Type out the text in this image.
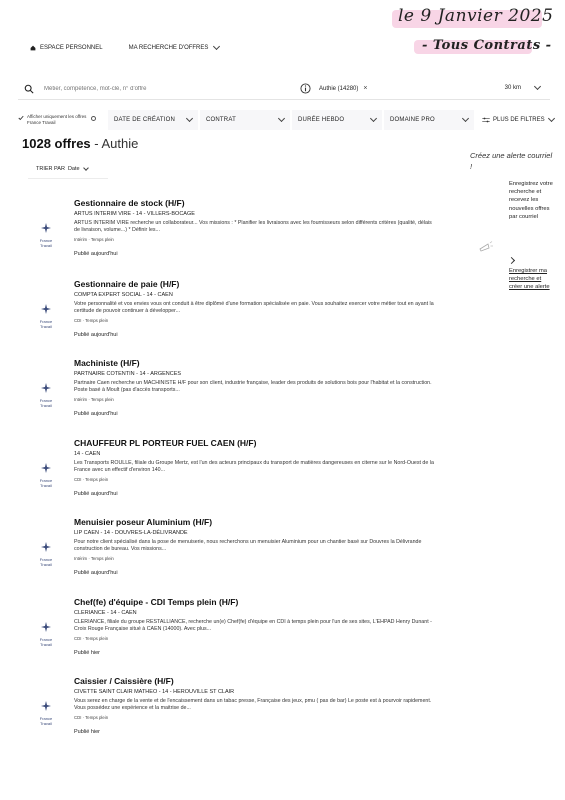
le 9 Janvier 2025
- Tous Contrats -
ESPACE PERSONNEL	MA RECHERCHE D'OFFRES
Métier, compétence, mot-clé, n° d'offre
Authie (14280) ×	30 km
Afficher uniquement les offres France Travail	DATE DE CRÉATION	CONTRAT	DURÉE HEBDO	DOMAINE PRO	PLUS DE FILTRES
1028 offres - Authie
TRIER PAR Date
France Travail
Gestionnaire de stock (H/F)
ARTUS INTERIM VIRE - 14 - VILLERS-BOCAGE
ARTUS INTERIM VIRE recherche un collaborateur... Vos missions : * Planifier les livraisons avec les fournisseurs selon différents critères (qualité, délais de livraison, volume...) * Définir les...
Intérim · Temps plein
Publié aujourd'hui
France Travail
Gestionnaire de paie (H/F)
COMPTA EXPERT SOCIAL - 14 - CAEN
Votre personnalité et vos envies vous ont conduit à être diplômé d'une formation spécialisée en paie. Vous souhaitez exercer votre métier tout en ayant la certitude de pouvoir continuer à développer...
CDI · Temps plein
Publié aujourd'hui
France Travail
Machiniste (H/F)
PARTNAIRE COTENTIN - 14 - ARGENCES
Partnaire Caen recherche un MACHINISTE H/F pour son client, industrie française, leader des produits de solutions bois pour l'habitat et la construction. Poste basé à Moult (pas d'accès transports...
Intérim · Temps plein
Publié aujourd'hui
France Travail
CHAUFFEUR PL PORTEUR FUEL CAEN (H/F)
14 - CAEN
Les Transports ROULLE, filiale du Groupe Mertz, est l'un des acteurs principaux du transport de matières dangereuses en citerne sur le Nord-Ouest de la France avec un effectif d'environ 140...
CDI · Temps plein
Publié aujourd'hui
France Travail
Menuisier poseur Aluminium (H/F)
LIP CAEN - 14 - DOUVRES-LA-DÉLIVRANDE
Pour notre client spécialisé dans la pose de menuiserie, nous recherchons un menuisier Aluminium pour un chantier basé sur Douvres la Délivrande construction de bureau. Vos missions...
Intérim · Temps plein
Publié aujourd'hui
France Travail
Chef(fe) d'équipe - CDI Temps plein (H/F)
CLERIANCE - 14 - CAEN
CLERIANCE, filiale du groupe RESTALLIANCE, recherche un(e) Chef(fe) d'équipe en CDI à temps plein pour l'un de ses sites, L'EHPAD Henry Dunant - Croix Rouge Française situé à CAEN (14000). Avec plus...
CDI · Temps plein
Publié hier
France Travail
Caissier / Caissière (H/F)
CIVETTE SAINT CLAIR MATHEO - 14 - HEROUVILLE ST CLAIR
Vous serez en charge de la vente et de l'encaissement dans un tabac presse, Française des jeux, pmu ( pas de bar) Le poste est à pourvoir rapidement. Vous possédez une expérience et la maitrise de...
CDI · Temps plein
Publié hier
Créez une alerte courriel !
Enregistrez votre recherche et recevez les nouvelles offres par courriel
Enregistrer ma recherche et créer une alerte
